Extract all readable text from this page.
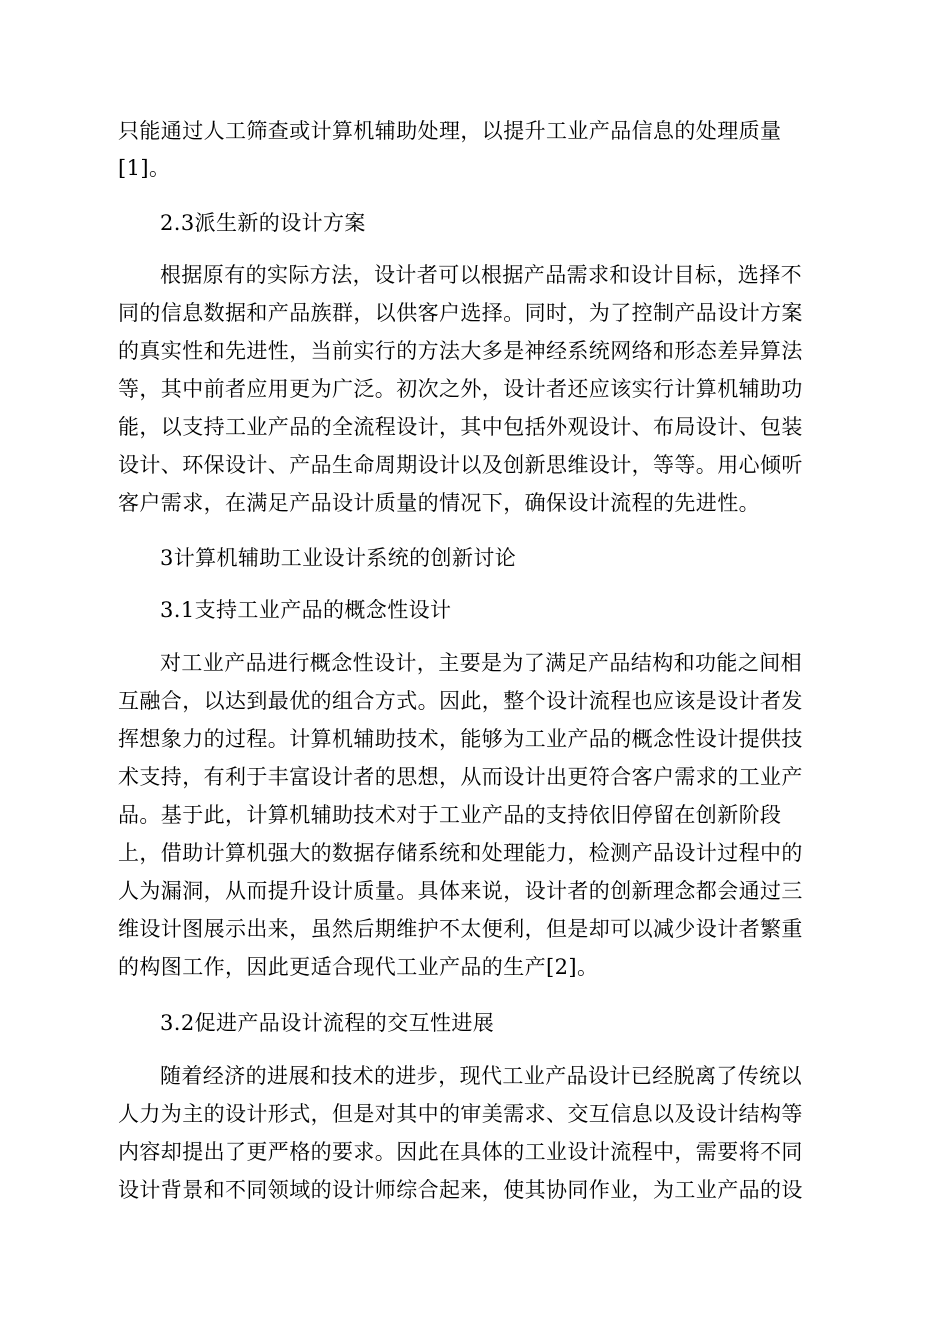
只能通过人工筛查或计算机辅助处理，以提升工业产品信息的处理质量
[1]。
2.3派生新的设计方案
根据原有的实际方法，设计者可以根据产品需求和设计目标，选择不
同的信息数据和产品族群，以供客户选择。同时，为了控制产品设计方案
的真实性和先进性，当前实行的方法大多是神经系统网络和形态差异算法
等，其中前者应用更为广泛。初次之外，设计者还应该实行计算机辅助功
能，以支持工业产品的全流程设计，其中包括外观设计、布局设计、包装
设计、环保设计、产品生命周期设计以及创新思维设计，等等。用心倾听
客户需求，在满足产品设计质量的情况下，确保设计流程的先进性。
3计算机辅助工业设计系统的创新讨论
3.1支持工业产品的概念性设计
对工业产品进行概念性设计，主要是为了满足产品结构和功能之间相
互融合，以达到最优的组合方式。因此，整个设计流程也应该是设计者发
挥想象力的过程。计算机辅助技术，能够为工业产品的概念性设计提供技
术支持，有利于丰富设计者的思想，从而设计出更符合客户需求的工业产
品。基于此，计算机辅助技术对于工业产品的支持依旧停留在创新阶段
上，借助计算机强大的数据存储系统和处理能力，检测产品设计过程中的
人为漏洞，从而提升设计质量。具体来说，设计者的创新理念都会通过三
维设计图展示出来，虽然后期维护不太便利，但是却可以减少设计者繁重
的构图工作，因此更适合现代工业产品的生产[2]。
3.2促进产品设计流程的交互性进展
随着经济的进展和技术的进步，现代工业产品设计已经脱离了传统以
人力为主的设计形式，但是对其中的审美需求、交互信息以及设计结构等
内容却提出了更严格的要求。因此在具体的工业设计流程中，需要将不同
设计背景和不同领域的设计师综合起来，使其协同作业，为工业产品的设
